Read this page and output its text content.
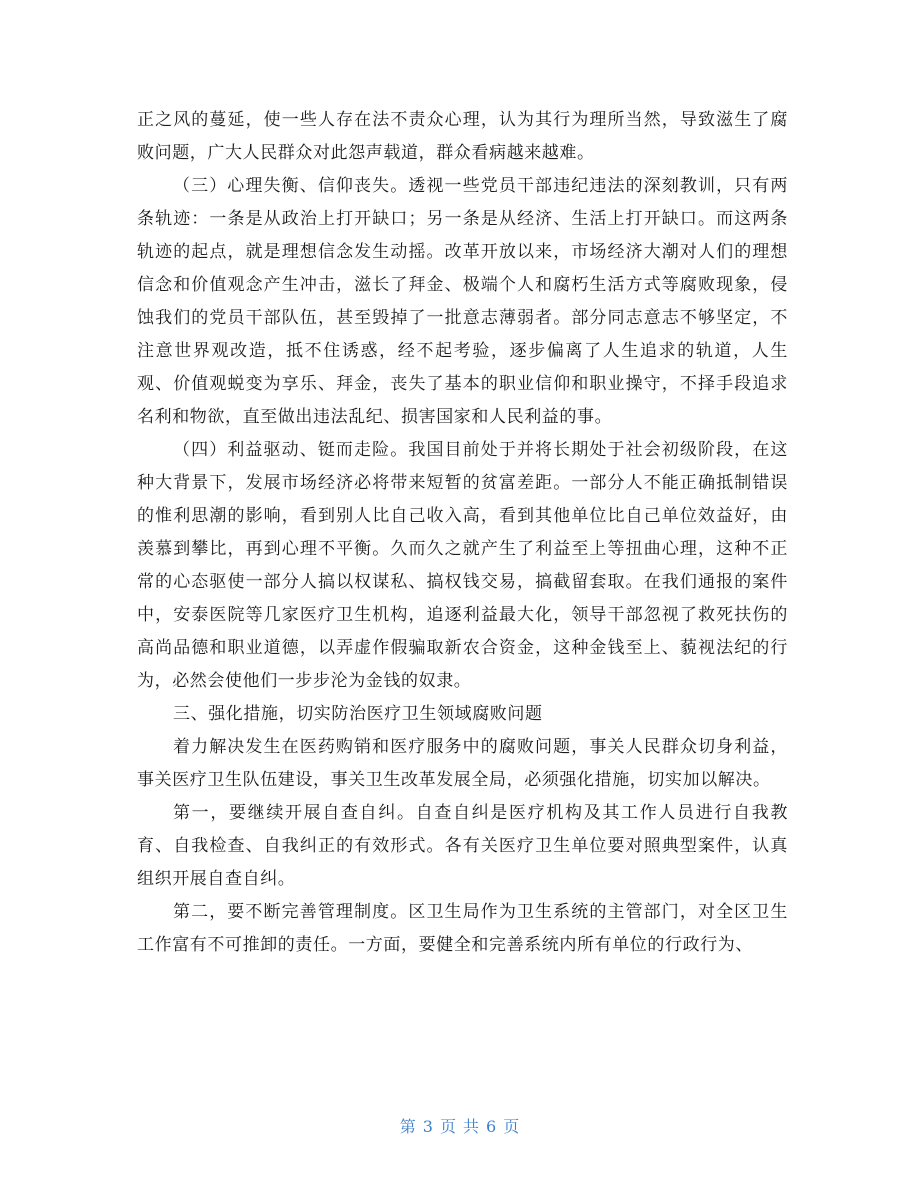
正之风的蔓延，使一些人存在法不责众心理，认为其行为理所当然，导致滋生了腐败问题，广大人民群众对此怨声载道，群众看病越来越难。

（三）心理失衡、信仰丧失。透视一些党员干部违纪违法的深刻教训，只有两条轨迹：一条是从政治上打开缺口；另一条是从经济、生活上打开缺口。而这两条轨迹的起点，就是理想信念发生动摇。改革开放以来，市场经济大潮对人们的理想信念和价值观念产生冲击，滋长了拜金、极端个人和腐朽生活方式等腐败现象，侵蚀我们的党员干部队伍，甚至毁掉了一批意志薄弱者。部分同志意志不够坚定，不注意世界观改造，抵不住诱惑，经不起考验，逐步偏离了人生追求的轨道，人生观、价值观蜕变为享乐、拜金，丧失了基本的职业信仰和职业操守，不择手段追求名利和物欲，直至做出违法乱纪、损害国家和人民利益的事。

（四）利益驱动、铤而走险。我国目前处于并将长期处于社会初级阶段，在这种大背景下，发展市场经济必将带来短暂的贫富差距。一部分人不能正确抵制错误的惟利思潮的影响，看到别人比自己收入高，看到其他单位比自己单位效益好，由羡慕到攀比，再到心理不平衡。久而久之就产生了利益至上等扭曲心理，这种不正常的心态驱使一部分人搞以权谋私、搞权钱交易，搞截留套取。在我们通报的案件中，安泰医院等几家医疗卫生机构，追逐利益最大化，领导干部忽视了救死扶伤的高尚品德和职业道德，以弄虚作假骗取新农合资金，这种金钱至上、藐视法纪的行为，必然会使他们一步步沦为金钱的奴隶。

三、强化措施，切实防治医疗卫生领域腐败问题

着力解决发生在医药购销和医疗服务中的腐败问题，事关人民群众切身利益，事关医疗卫生队伍建设，事关卫生改革发展全局，必须强化措施，切实加以解决。

第一，要继续开展自查自纠。自查自纠是医疗机构及其工作人员进行自我教育、自我检查、自我纠正的有效形式。各有关医疗卫生单位要对照典型案件，认真组织开展自查自纠。

第二，要不断完善管理制度。区卫生局作为卫生系统的主管部门，对全区卫生工作富有不可推卸的责任。一方面，要健全和完善系统内所有单位的行政行为、

第 3 页 共 6 页
